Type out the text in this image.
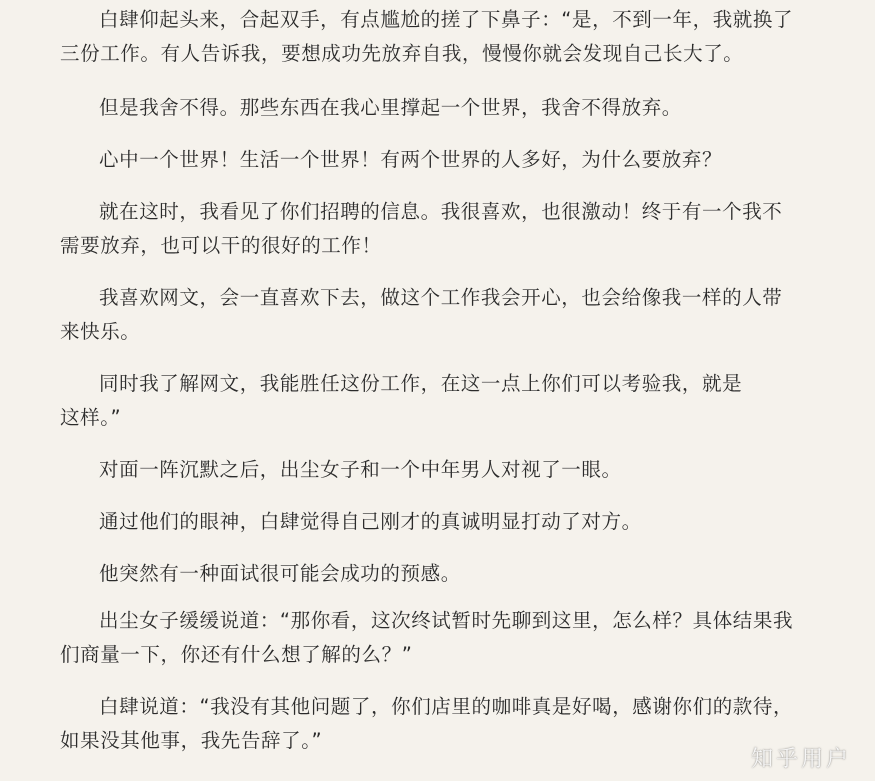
白肆仰起头来，合起双手，有点尴尬的搓了下鼻子：“是，不到一年，我就换了三份工作。有人告诉我，要想成功先放弃自我，慢慢你就会发现自己长大了。

但是我舍不得。那些东西在我心里撑起一个世界，我舍不得放弃。

心中一个世界！生活一个世界！有两个世界的人多好，为什么要放弃？

就在这时，我看见了你们招聘的信息。我很喜欢，也很激动！终于有一个我不需要放弃，也可以干的很好的工作！

我喜欢网文，会一直喜欢下去，做这个工作我会开心，也会给像我一样的人带来快乐。

同时我了解网文，我能胜任这份工作，在这一点上你们可以考验我，就是这样。”

对面一阵沉默之后，出尘女子和一个中年男人对视了一眼。

通过他们的眼神，白肆觉得自己刚才的真诚明显打动了对方。

他突然有一种面试很可能会成功的预感。

出尘女子缓缓说道：“那你看，这次终试暂时先聊到这里，怎么样？具体结果我们商量一下，你还有什么想了解的么？”

白肆说道：“我没有其他问题了，你们店里的咖啡真是好喝，感谢你们的款待，如果没其他事，我先告辞了。”

知乎用户
